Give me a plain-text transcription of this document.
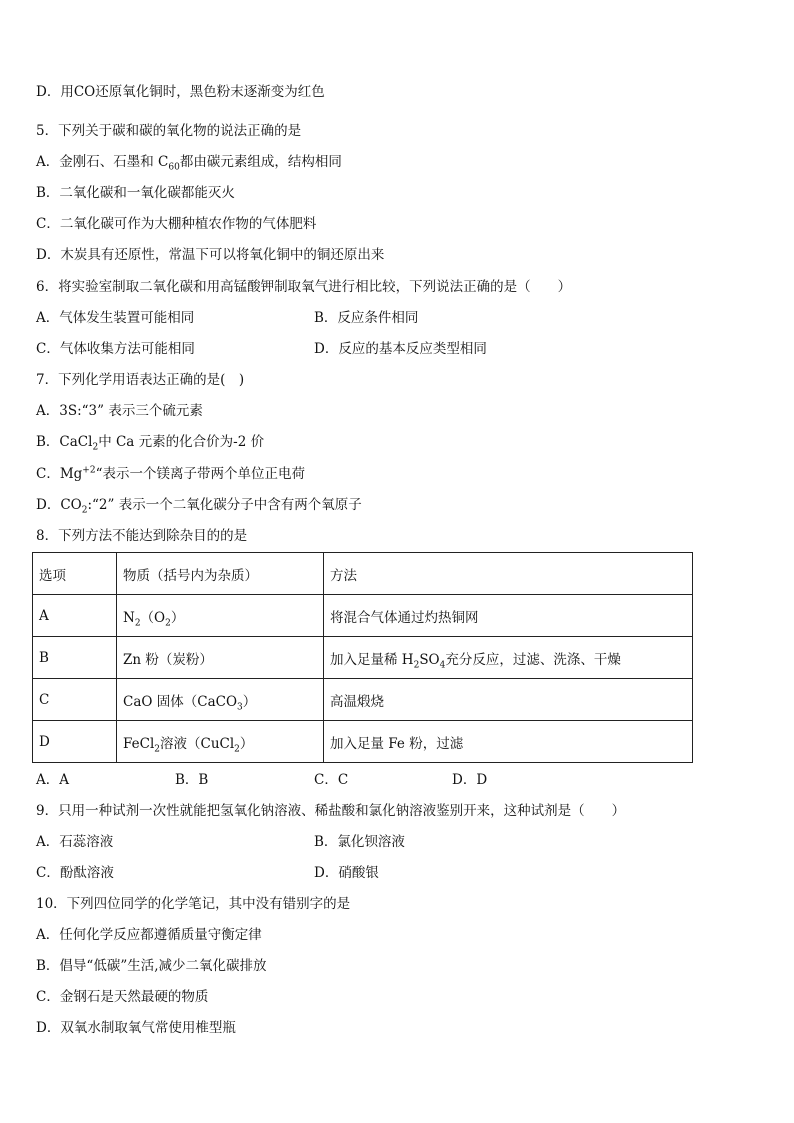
D．用CO还原氧化铜时，黑色粉末逐渐变为红色
5．下列关于碳和碳的氧化物的说法正确的是
A．金刚石、石墨和 $C_{60}$都由碳元素组成，结构相同
B．二氧化碳和一氧化碳都能灭火
C．二氧化碳可作为大棚种植农作物的气体肥料
D．木炭具有还原性，常温下可以将氧化铜中的铜还原出来
6．将实验室制取二氧化碳和用高锰酸钾制取氧气进行相比较，下列说法正确的是（　　）
A．气体发生装置可能相同	B．反应条件相同
C．气体收集方法可能相同	D．反应的基本反应类型相同
7．下列化学用语表达正确的是(　)
A．3S:“3” 表示三个硫元素
B．CaCl$_2$中 Ca 元素的化合价为-2 价
C．$Mg^{+2}“$表示一个镁离子带两个单位正电荷
D．$CO_2:“2$” 表示一个二氧化碳分子中含有两个氧原子
8．下列方法不能达到除杂目的的是
选项	物质（括号内为杂质）	方法
A	$N_2(O_2)$	将混合气体通过灼热铜网
B	Zn 粉（炭粉）	加入足量稀 $H_2SO_4$充分反应，过滤、洗涤、干燥
C	CaO 固体（CaCO$_3$）	高温煅烧
D	FeCl$_2$溶液（CuCl$_2$）	加入足量 Fe 粉，过滤
A．A	B．B	C．C	D．D
9．只用一种试剂一次性就能把氢氧化钠溶液、稀盐酸和氯化钠溶液鉴别开来，这种试剂是（　　）
A．石蕊溶液	B．氯化钡溶液
C．酚酞溶液	D．硝酸银
10．下列四位同学的化学笔记，其中没有错别字的是
A．任何化学反应都遵循质量守衡定律
B．倡导“低碳”生活,减少二氧化碳排放
C．金钢石是天然最硬的物质
D．双氧水制取氧气常使用椎型瓶
